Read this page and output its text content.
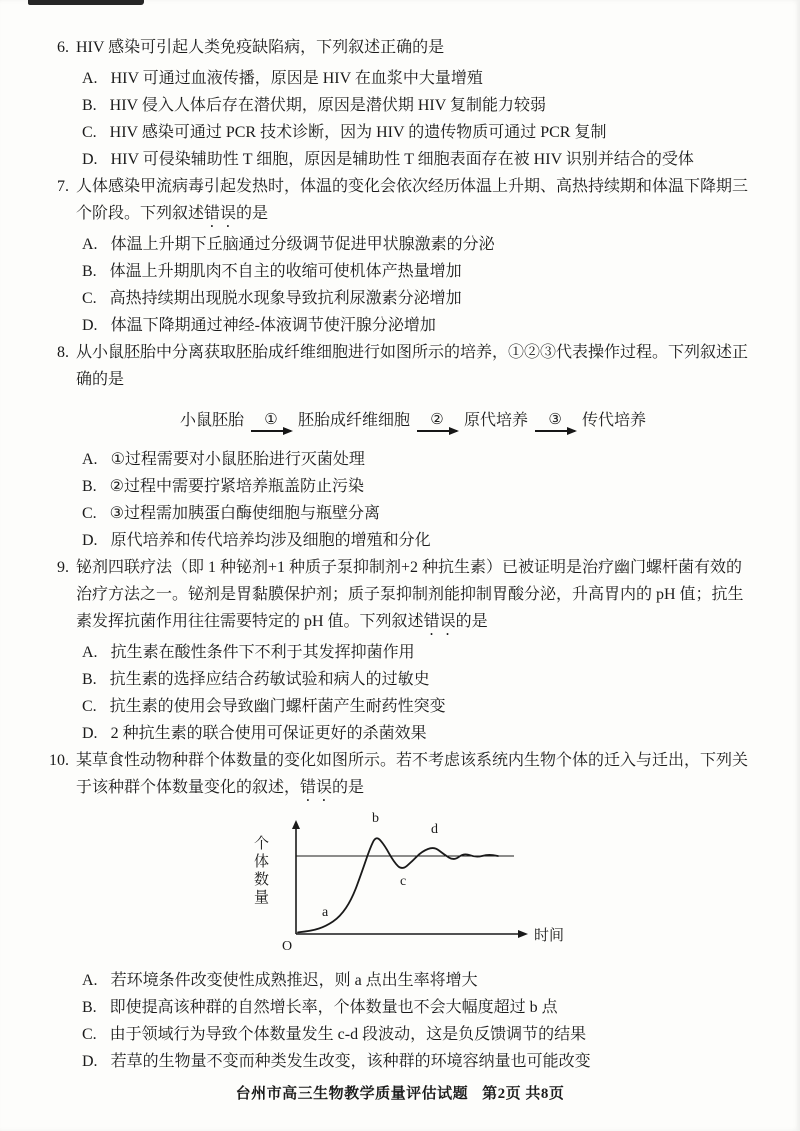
6. HIV 感染可引起人类免疫缺陷病，下列叙述正确的是

A. HIV 可通过血液传播，原因是 HIV 在血浆中大量增殖
B. HIV 侵入人体后存在潜伏期，原因是潜伏期 HIV 复制能力较弱
C. HIV 感染可通过 PCR 技术诊断，因为 HIV 的遗传物质可通过 PCR 复制
D. HIV 可侵染辅助性 T 细胞，原因是辅助性 T 细胞表面存在被 HIV 识别并结合的受体
7. 人体感染甲流病毒引起发热时，体温的变化会依次经历体温上升期、高热持续期和体温下降期三个阶段。下列叙述错误的是

A. 体温上升期下丘脑通过分级调节促进甲状腺激素的分泌
B. 体温上升期肌肉不自主的收缩可使机体产热量增加
C. 高热持续期出现脱水现象导致抗利尿激素分泌增加
D. 体温下降期通过神经-体液调节使汗腺分泌增加
8. 从小鼠胚胎中分离获取胚胎成纤维细胞进行如图所示的培养，①②③代表操作过程。下列叙述正确的是

小鼠胚胎 ① 胚胎成纤维细胞 ② 原代培养 ③ 传代培养
A. ①过程需要对小鼠胚胎进行灭菌处理
B. ②过程中需要拧紧培养瓶盖防止污染
C. ③过程需加胰蛋白酶使细胞与瓶壁分离
D. 原代培养和传代培养均涉及细胞的增殖和分化
9. 铋剂四联疗法（即 1 种铋剂+1 种质子泵抑制剂+2 种抗生素）已被证明是治疗幽门螺杆菌有效的治疗方法之一。铋剂是胃黏膜保护剂；质子泵抑制剂能抑制胃酸分泌，升高胃内的 pH 值；抗生素发挥抗菌作用往往需要特定的 pH 值。下列叙述错误的是

A. 抗生素在酸性条件下不利于其发挥抑菌作用
B. 抗生素的选择应结合药敏试验和病人的过敏史
C. 抗生素的使用会导致幽门螺杆菌产生耐药性突变
D. 2 种抗生素的联合使用可保证更好的杀菌效果
10. 某草食性动物种群个体数量的变化如图所示。若不考虑该系统内生物个体的迁入与迁出，下列关于该种群个体数量变化的叙述，错误的是

个体数量
a
b
c
d
O
时间
A. 若环境条件改变使性成熟推迟，则 a 点出生率将增大
B. 即使提高该种群的自然增长率，个体数量也不会大幅度超过 b 点
C. 由于领域行为导致个体数量发生 c-d 段波动，这是负反馈调节的结果
D. 若草的生物量不变而种类发生改变，该种群的环境容纳量也可能改变
台州市高三生物教学质量评估试题 第2页 共8页
